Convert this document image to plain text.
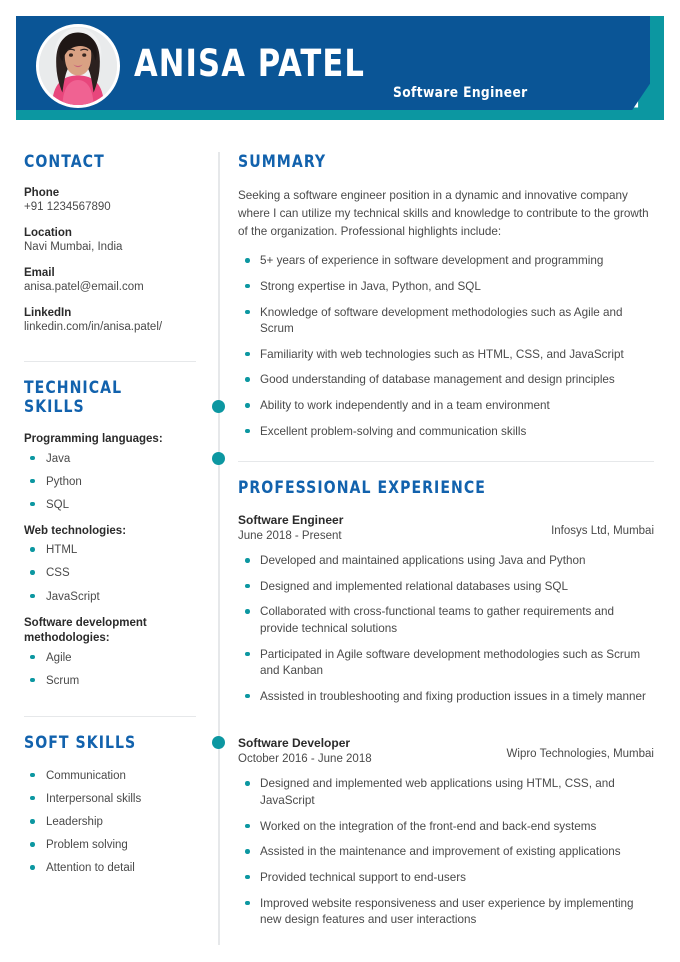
ANISA PATEL
Software Engineer
CONTACT
Phone
+91 1234567890
Location
Navi Mumbai, India
Email
anisa.patel@email.com
LinkedIn
linkedin.com/in/anisa.patel/
TECHNICAL SKILLS
Programming languages:
Java
Python
SQL
Web technologies:
HTML
CSS
JavaScript
Software development methodologies:
Agile
Scrum
SOFT SKILLS
Communication
Interpersonal skills
Leadership
Problem solving
Attention to detail
SUMMARY

Seeking a software engineer position in a dynamic and innovative company where I can utilize my technical skills and knowledge to contribute to the growth of the organization. Professional highlights include:

5+ years of experience in software development and programming
Strong expertise in Java, Python, and SQL
Knowledge of software development methodologies such as Agile and Scrum
Familiarity with web technologies such as HTML, CSS, and JavaScript
Good understanding of database management and design principles
Ability to work independently and in a team environment
Excellent problem-solving and communication skills
PROFESSIONAL EXPERIENCE
Software Engineer
June 2018 - Present	Infosys Ltd, Mumbai
Developed and maintained applications using Java and Python
Designed and implemented relational databases using SQL
Collaborated with cross-functional teams to gather requirements and provide technical solutions
Participated in Agile software development methodologies such as Scrum and Kanban
Assisted in troubleshooting and fixing production issues in a timely manner
Software Developer
October 2016 - June 2018	Wipro Technologies, Mumbai
Designed and implemented web applications using HTML, CSS, and JavaScript
Worked on the integration of the front-end and back-end systems
Assisted in the maintenance and improvement of existing applications
Provided technical support to end-users
Improved website responsiveness and user experience by implementing new design features and user interactions
